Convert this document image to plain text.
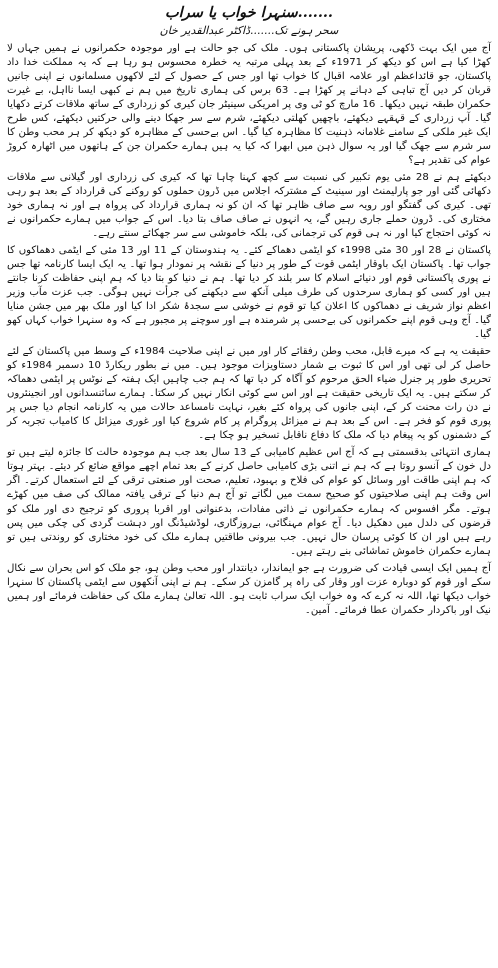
سنہرا خواب یا سراب.......
سحر ہونے تک.......ڈاکٹر عبدالقدیر خان

آج میں ایک بہت ڈکھی، پریشان پاکستانی ہوں۔ ملک کی جو حالت ہے اور موجودہ حکمرانوں نے ہمیں جہاں لا کھڑا کیا ہے اس کو دیکھ کر 1971ء کے بعد پہلی مرتبہ یہ خطرہ محسوس ہو رہا ہے کہ یہ مملکت خدا داد پاکستان، جو قائداعظم اور علامہ اقبال کا خواب تھا اور جس کے حصول کے لئے لاکھوں مسلمانوں نے اپنی جانیں قربان کر دیں آج تباہی کے دہانے پر کھڑا ہے۔ 63 برس کی ہماری تاریخ میں ہم نے کبھی ایسا نااہل، بے غیرت حکمران طبقہ نہیں دیکھا۔ 16 مارچ کو ٹی وی پر امریکی سینیٹر جان کیری کو زرداری کے ساتھ ملاقات کرتے دکھایا گیا۔ آپ زرداری کے قہقہے دیکھئے، باچھیں کھلتی دیکھئے، شرم سے سر جھکا دینے والی حرکتیں دیکھئے، کس طرح ایک غیر ملکی کے سامنے غلامانہ ذہنیت کا مظاہرہ کیا گیا۔ اس بےحسی کے مظاہرہ کو دیکھ کر ہر محب وطن کا سر شرم سے جھک گیا اور یہ سوال ذہن میں ابھرا کہ کیا یہ ہیں ہمارے حکمران جن کے ہاتھوں میں اٹھارہ کروڑ عوام کی تقدیر ہے؟

دیکھئے ہم نے 28 مئی یوم تکبیر کی نسبت سے کچھ کہنا چاہا تھا کہ کیری کی زرداری اور گیلانی سے ملاقات دکھائی گئی اور جو پارلیمنٹ اور سینیٹ کے مشترکہ اجلاس میں ڈرون حملوں کو روکنے کی قرارداد کے بعد ہو رہی تھی۔ کیری کی گفتگو اور رویہ سے صاف ظاہر تھا کہ ان کو نہ ہماری قرارداد کی پرواہ ہے اور نہ ہماری خود مختاری کی۔ ڈرون حملے جاری رہیں گے، یہ انہوں نے صاف صاف بتا دیا۔ اس کے جواب میں ہمارے حکمرانوں نے نہ کوئی احتجاج کیا اور نہ ہی قوم کی ترجمانی کی، بلکہ خاموشی سے سر جھکائے سنتے رہے۔

پاکستان نے 28 اور 30 مئی 1998ء کو ایٹمی دھماکے کئے۔ یہ ہندوستان کے 11 اور 13 مئی کے ایٹمی دھماکوں کا جواب تھا۔ پاکستان ایک باوقار ایٹمی قوت کے طور پر دنیا کے نقشہ پر نمودار ہوا تھا۔ یہ ایک ایسا کارنامہ تھا جس نے پوری پاکستانی قوم اور دنیائے اسلام کا سر بلند کر دیا تھا۔ ہم نے دنیا کو بتا دیا کہ ہم اپنی حفاظت کرنا جانتے ہیں اور کسی کو ہماری سرحدوں کی طرف میلی آنکھ سے دیکھنے کی جرأت نہیں ہوگی۔ جب عزت مآب وزیر اعظم نواز شریف نے دھماکوں کا اعلان کیا تو قوم نے خوشی سے سجدۂ شکر ادا کیا اور ملک بھر میں جشن منایا گیا۔ آج وہی قوم اپنے حکمرانوں کی بےحسی پر شرمندہ ہے اور سوچنے پر مجبور ہے کہ وہ سنہرا خواب کہاں کھو گیا۔

حقیقت یہ ہے کہ میرے قابل، محب وطن رفقائے کار اور میں نے اپنی صلاحیت 1984ء کے وسط میں پاکستان کے لئے حاصل کر لی تھی اور اس کا ثبوت بے شمار دستاویزات موجود ہیں۔ میں نے بطور ریکارڈ 10 دسمبر 1984ء کو تحریری طور پر جنرل ضیاء الحق مرحوم کو آگاہ کر دیا تھا کہ ہم جب چاہیں ایک ہفتہ کے نوٹس پر ایٹمی دھماکہ کر سکتے ہیں۔ یہ ایک تاریخی حقیقت ہے اور اس سے کوئی انکار نہیں کر سکتا۔ ہمارے سائنسدانوں اور انجینئروں نے دن رات محنت کر کے، اپنی جانوں کی پرواہ کئے بغیر، نہایت نامساعد حالات میں یہ کارنامہ انجام دیا جس پر پوری قوم کو فخر ہے۔ اس کے بعد ہم نے میزائل پروگرام پر کام شروع کیا اور غوری میزائل کا کامیاب تجربہ کر کے دشمنوں کو یہ پیغام دیا کہ ملک کا دفاع ناقابل تسخیر ہو چکا ہے۔

ہماری انتہائی بدقسمتی ہے کہ آج اس عظیم کامیابی کے 13 سال بعد جب ہم موجودہ حالت کا جائزہ لیتے ہیں تو دل خون کے آنسو روتا ہے کہ ہم نے اتنی بڑی کامیابی حاصل کرنے کے بعد تمام اچھے مواقع ضائع کر دیئے۔ بہتر ہوتا کہ ہم اپنی طاقت اور وسائل کو عوام کی فلاح و بہبود، تعلیم، صحت اور صنعتی ترقی کے لئے استعمال کرتے۔ اگر اس وقت ہم اپنی صلاحیتوں کو صحیح سمت میں لگاتے تو آج ہم دنیا کے ترقی یافتہ ممالک کی صف میں کھڑے ہوتے۔ مگر افسوس کہ ہمارے حکمرانوں نے ذاتی مفادات، بدعنوانی اور اقربا پروری کو ترجیح دی اور ملک کو قرضوں کی دلدل میں دھکیل دیا۔ آج عوام مہنگائی، بےروزگاری، لوڈشیڈنگ اور دہشت گردی کی چکی میں پس رہے ہیں اور ان کا کوئی پرسان حال نہیں۔ جب بیرونی طاقتیں ہمارے ملک کی خود مختاری کو روندتی ہیں تو ہمارے حکمران خاموش تماشائی بنے رہتے ہیں۔

آج ہمیں ایک ایسی قیادت کی ضرورت ہے جو ایماندار، دیانتدار اور محب وطن ہو، جو ملک کو اس بحران سے نکال سکے اور قوم کو دوبارہ عزت اور وقار کی راہ پر گامزن کر سکے۔ ہم نے اپنی آنکھوں سے ایٹمی پاکستان کا سنہرا خواب دیکھا تھا، اللہ نہ کرے کہ وہ خواب ایک سراب ثابت ہو۔ اللہ تعالیٰ ہمارے ملک کی حفاظت فرمائے اور ہمیں نیک اور باکردار حکمران عطا فرمائے۔ آمین۔
